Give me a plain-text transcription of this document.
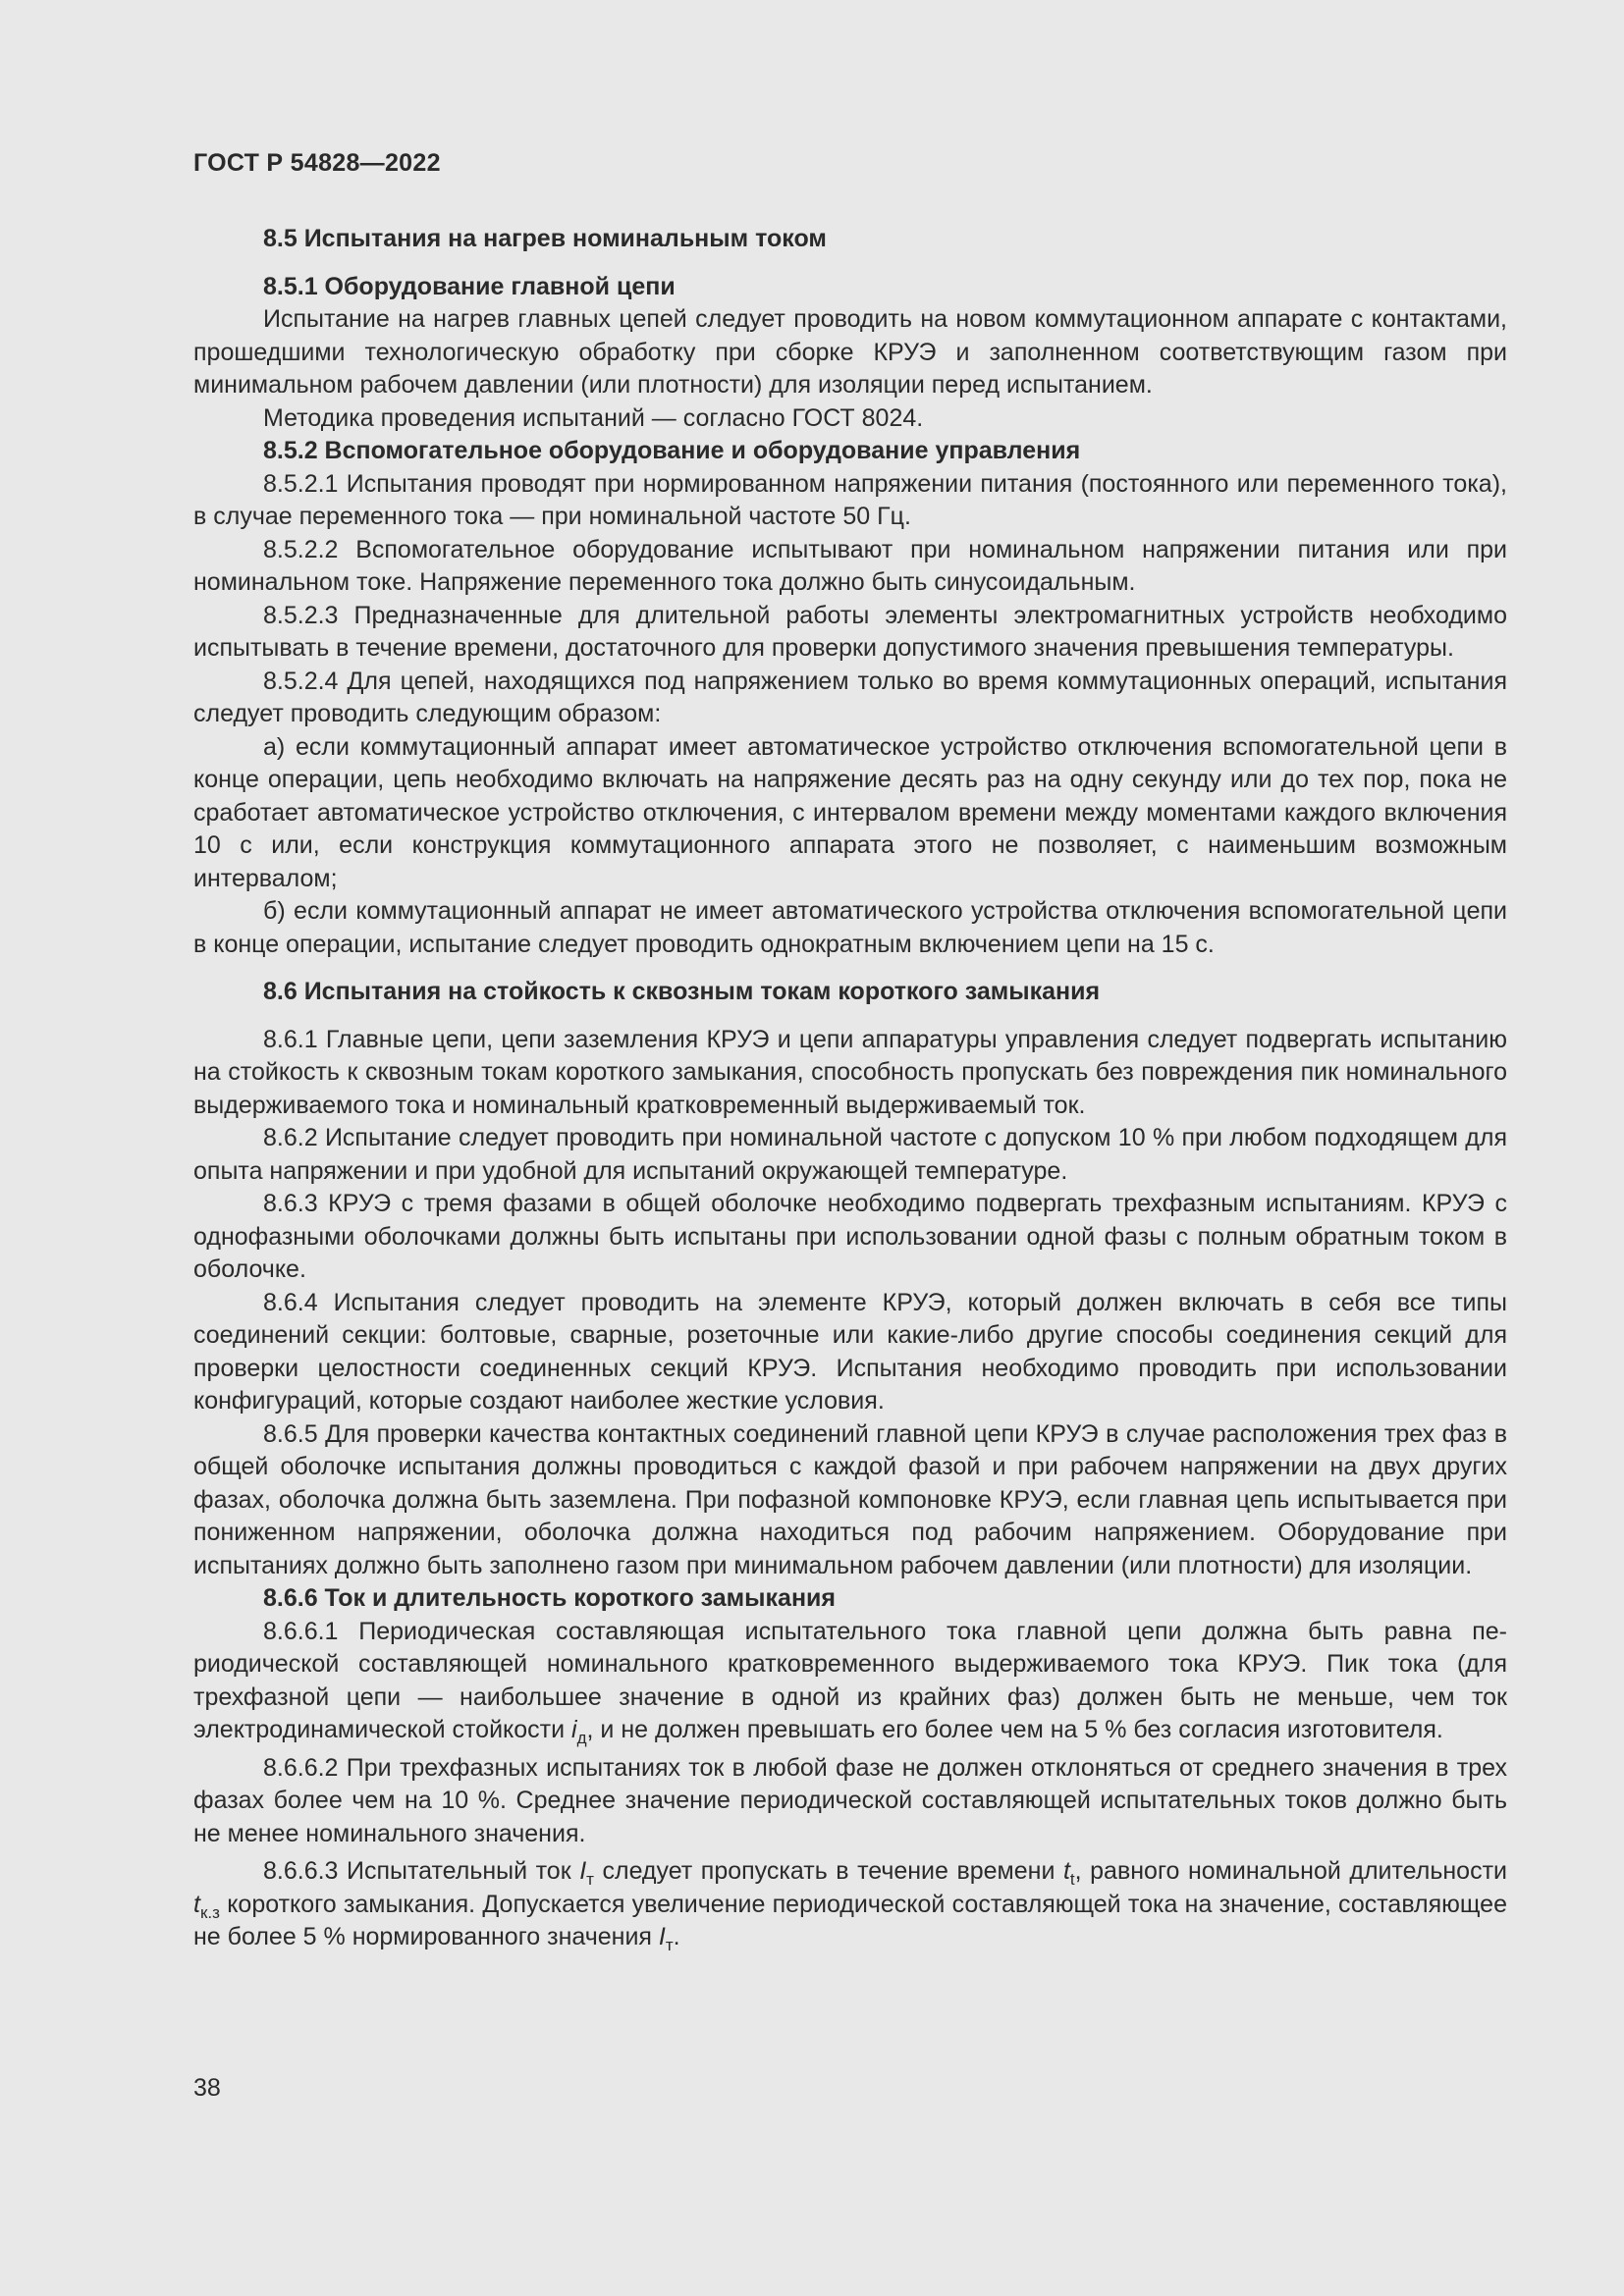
ГОСТ Р 54828—2022

8.5 Испытания на нагрев номинальным током

8.5.1 Оборудование главной цепи

Испытание на нагрев главных цепей следует проводить на новом коммутационном аппарате с контактами, прошедшими технологическую обработку при сборке КРУЭ и заполненном соответствующим газом при минимальном рабочем давлении (или плотности) для изоляции перед испытанием.

Методика проведения испытаний — согласно ГОСТ 8024.

8.5.2 Вспомогательное оборудование и оборудование управления

8.5.2.1 Испытания проводят при нормированном напряжении питания (постоянного или переменного тока), в случае переменного тока — при номинальной частоте 50 Гц.

8.5.2.2 Вспомогательное оборудование испытывают при номинальном напряжении питания или при номинальном токе. Напряжение переменного тока должно быть синусоидальным.

8.5.2.3 Предназначенные для длительной работы элементы электромагнитных устройств необходимо испытывать в течение времени, достаточного для проверки допустимого значения превышения температуры.

8.5.2.4 Для цепей, находящихся под напряжением только во время коммутационных операций, испытания следует проводить следующим образом:

а) если коммутационный аппарат имеет автоматическое устройство отключения вспомогательной цепи в конце операции, цепь необходимо включать на напряжение десять раз на одну секунду или до тех пор, пока не сработает автоматическое устройство отключения, с интервалом времени между моментами каждого включения 10 с или, если конструкция коммутационного аппарата этого не позволяет, с наименьшим возможным интервалом;

б) если коммутационный аппарат не имеет автоматического устройства отключения вспомогательной цепи в конце операции, испытание следует проводить однократным включением цепи на 15 с.

8.6 Испытания на стойкость к сквозным токам короткого замыкания

8.6.1 Главные цепи, цепи заземления КРУЭ и цепи аппаратуры управления следует подвергать испытанию на стойкость к сквозным токам короткого замыкания, способность пропускать без повреждения пик номинального выдерживаемого тока и номинальный кратковременный выдерживаемый ток.

8.6.2 Испытание следует проводить при номинальной частоте с допуском 10 % при любом подходящем для опыта напряжении и при удобной для испытаний окружающей температуре.

8.6.3 КРУЭ с тремя фазами в общей оболочке необходимо подвергать трехфазным испытаниям. КРУЭ с однофазными оболочками должны быть испытаны при использовании одной фазы с полным обратным током в оболочке.

8.6.4 Испытания следует проводить на элементе КРУЭ, который должен включать в себя все типы соединений секции: болтовые, сварные, розеточные или какие-либо другие способы соединения секций для проверки целостности соединенных секций КРУЭ. Испытания необходимо проводить при использовании конфигураций, которые создают наиболее жесткие условия.

8.6.5 Для проверки качества контактных соединений главной цепи КРУЭ в случае расположения трех фаз в общей оболочке испытания должны проводиться с каждой фазой и при рабочем напряжении на двух других фазах, оболочка должна быть заземлена. При пофазной компоновке КРУЭ, если главная цепь испытывается при пониженном напряжении, оболочка должна находиться под рабочим напряжением. Оборудование при испытаниях должно быть заполнено газом при минимальном рабочем давлении (или плотности) для изоляции.

8.6.6 Ток и длительность короткого замыкания

8.6.6.1 Периодическая составляющая испытательного тока главной цепи должна быть равна периодической составляющей номинального кратковременного выдерживаемого тока КРУЭ. Пик тока (для трехфазной цепи — наибольшее значение в одной из крайних фаз) должен быть не меньше, чем ток электродинамической стойкости $i_д$, и не должен превышать его более чем на 5 % без согласия изготовителя.

8.6.6.2 При трехфазных испытаниях ток в любой фазе не должен отклоняться от среднего значения в трех фазах более чем на 10 %. Среднее значение периодической составляющей испытательных токов должно быть не менее номинального значения.

8.6.6.3 Испытательный ток $I_т$ следует пропускать в течение времени $t_t$, равного номинальной длительности $t_{к.з}$ короткого замыкания. Допускается увеличение периодической составляющей тока на значение, составляющее не более 5 % нормированного значения $I_т$.

38
